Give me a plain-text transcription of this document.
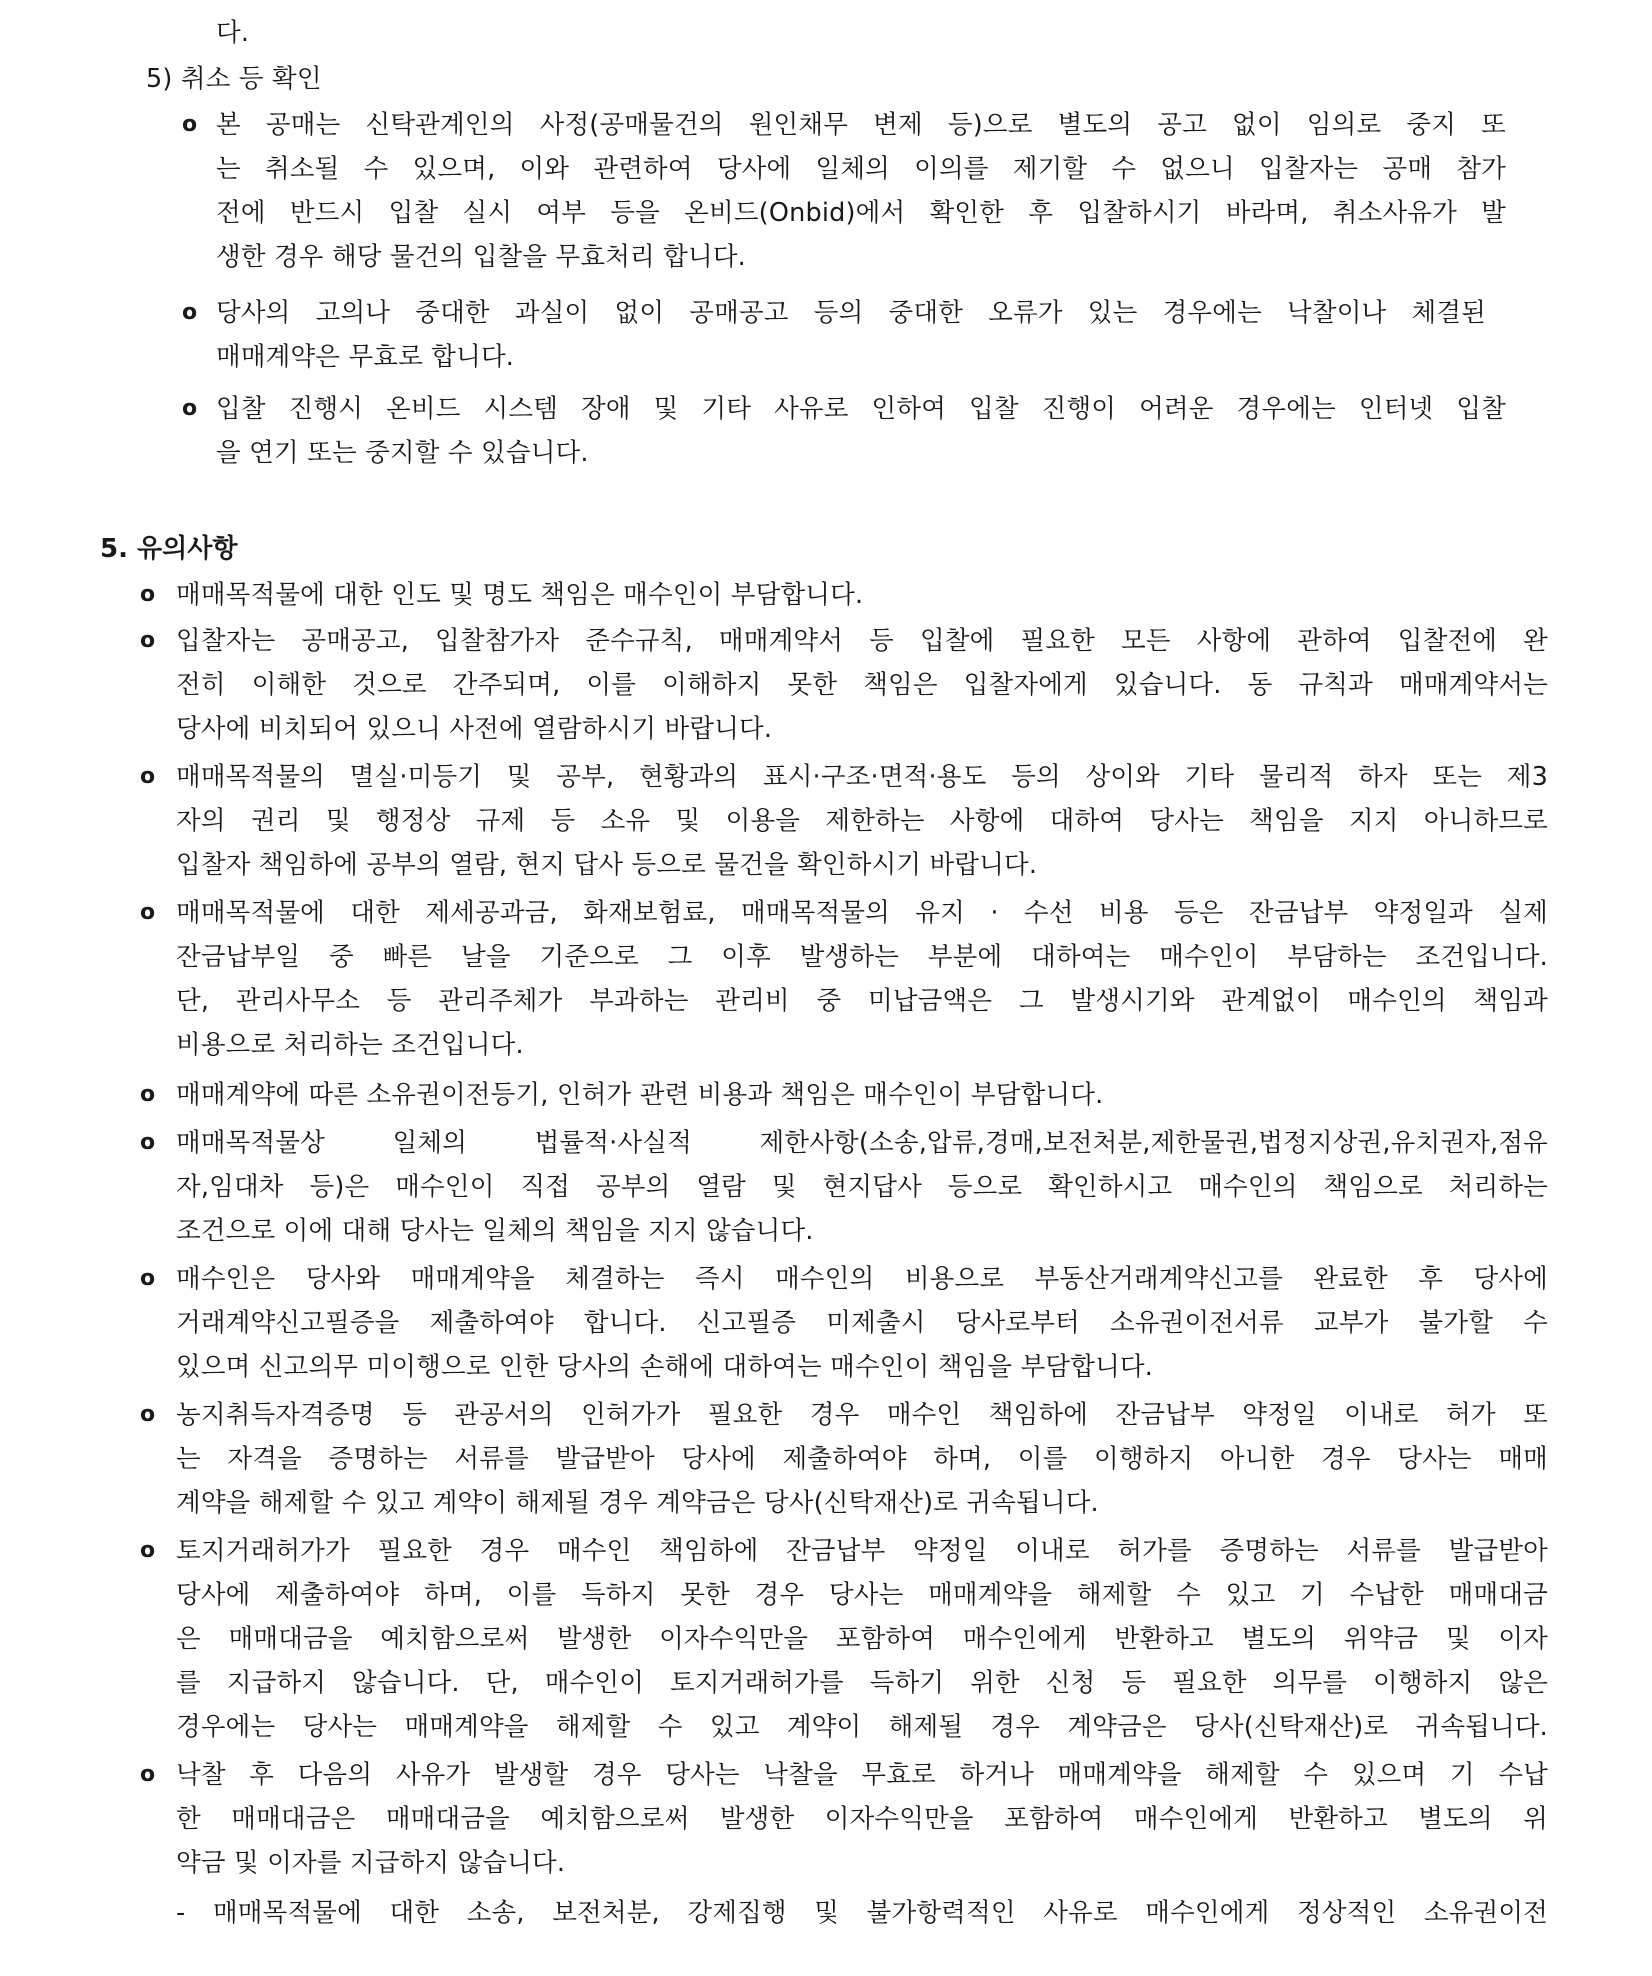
다.
5) 취소 등 확인
o 본 공매는 신탁관계인의 사정(공매물건의 원인채무 변제 등)으로 별도의 공고 없이 임의로 중지 또
는 취소될 수 있으며, 이와 관련하여 당사에 일체의 이의를 제기할 수 없으니 입찰자는 공매 참가
전에 반드시 입찰 실시 여부 등을 온비드(Onbid)에서 확인한 후 입찰하시기 바라며, 취소사유가 발
생한 경우 해당 물건의 입찰을 무효처리 합니다.
o 당사의 고의나 중대한 과실이 없이 공매공고 등의 중대한 오류가 있는 경우에는 낙찰이나 체결된
매매계약은 무효로 합니다.
o 입찰 진행시 온비드 시스템 장애 및 기타 사유로 인하여 입찰 진행이 어려운 경우에는 인터넷 입찰
을 연기 또는 중지할 수 있습니다.
5. 유의사항
o 매매목적물에 대한 인도 및 명도 책임은 매수인이 부담합니다.
o 입찰자는 공매공고, 입찰참가자 준수규칙, 매매계약서 등 입찰에 필요한 모든 사항에 관하여 입찰전에 완
전히 이해한 것으로 간주되며, 이를 이해하지 못한 책임은 입찰자에게 있습니다. 동 규칙과 매매계약서는
당사에 비치되어 있으니 사전에 열람하시기 바랍니다.
o 매매목적물의 멸실·미등기 및 공부, 현황과의 표시·구조·면적·용도 등의 상이와 기타 물리적 하자 또는 제3
자의 권리 및 행정상 규제 등 소유 및 이용을 제한하는 사항에 대하여 당사는 책임을 지지 아니하므로
입찰자 책임하에 공부의 열람, 현지 답사 등으로 물건을 확인하시기 바랍니다.
o 매매목적물에 대한 제세공과금, 화재보험료, 매매목적물의 유지 · 수선 비용 등은 잔금납부 약정일과 실제
잔금납부일 중 빠른 날을 기준으로 그 이후 발생하는 부분에 대하여는 매수인이 부담하는 조건입니다.
단, 관리사무소 등 관리주체가 부과하는 관리비 중 미납금액은 그 발생시기와 관계없이 매수인의 책임과
비용으로 처리하는 조건입니다.
o 매매계약에 따른 소유권이전등기, 인허가 관련 비용과 책임은 매수인이 부담합니다.
o 매매목적물상 일체의 법률적·사실적 제한사항(소송,압류,경매,보전처분,제한물권,법정지상권,유치권자,점유
자,임대차 등)은 매수인이 직접 공부의 열람 및 현지답사 등으로 확인하시고 매수인의 책임으로 처리하는
조건으로 이에 대해 당사는 일체의 책임을 지지 않습니다.
o 매수인은 당사와 매매계약을 체결하는 즉시 매수인의 비용으로 부동산거래계약신고를 완료한 후 당사에
거래계약신고필증을 제출하여야 합니다. 신고필증 미제출시 당사로부터 소유권이전서류 교부가 불가할 수
있으며 신고의무 미이행으로 인한 당사의 손해에 대하여는 매수인이 책임을 부담합니다.
o 농지취득자격증명 등 관공서의 인허가가 필요한 경우 매수인 책임하에 잔금납부 약정일 이내로 허가 또
는 자격을 증명하는 서류를 발급받아 당사에 제출하여야 하며, 이를 이행하지 아니한 경우 당사는 매매
계약을 해제할 수 있고 계약이 해제될 경우 계약금은 당사(신탁재산)로 귀속됩니다.
o 토지거래허가가 필요한 경우 매수인 책임하에 잔금납부 약정일 이내로 허가를 증명하는 서류를 발급받아
당사에 제출하여야 하며, 이를 득하지 못한 경우 당사는 매매계약을 해제할 수 있고 기 수납한 매매대금
은 매매대금을 예치함으로써 발생한 이자수익만을 포함하여 매수인에게 반환하고 별도의 위약금 및 이자
를 지급하지 않습니다. 단, 매수인이 토지거래허가를 득하기 위한 신청 등 필요한 의무를 이행하지 않은
경우에는 당사는 매매계약을 해제할 수 있고 계약이 해제될 경우 계약금은 당사(신탁재산)로 귀속됩니다.
o 낙찰 후 다음의 사유가 발생할 경우 당사는 낙찰을 무효로 하거나 매매계약을 해제할 수 있으며 기 수납
한 매매대금은 매매대금을 예치함으로써 발생한 이자수익만을 포함하여 매수인에게 반환하고 별도의 위
약금 및 이자를 지급하지 않습니다.
- 매매목적물에 대한 소송, 보전처분, 강제집행 및 불가항력적인 사유로 매수인에게 정상적인 소유권이전
